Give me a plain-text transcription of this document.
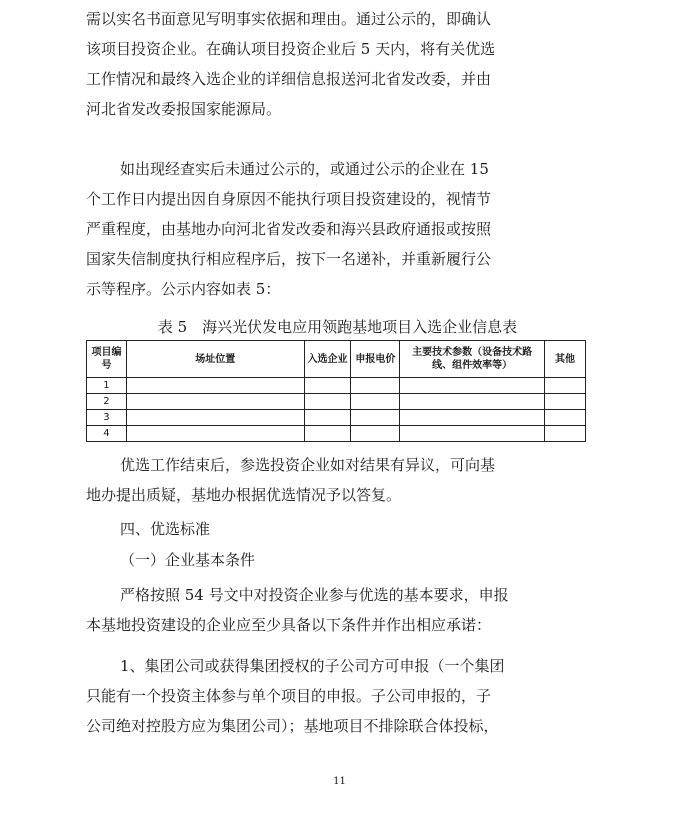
需以实名书面意见写明事实依据和理由。通过公示的，即确认
该项目投资企业。在确认项目投资企业后 5 天内，将有关优选
工作情况和最终入选企业的详细信息报送河北省发改委，并由
河北省发改委报国家能源局。
如出现经查实后未通过公示的，或通过公示的企业在 15
个工作日内提出因自身原因不能执行项目投资建设的，视情节
严重程度，由基地办向河北省发改委和海兴县政府通报或按照
国家失信制度执行相应程序后，按下一名递补，并重新履行公
示等程序。公示内容如表 5：
表 5　海兴光伏发电应用领跑基地项目入选企业信息表
项目编号	场址位置	入选企业	申报电价	主要技术参数（设备技术路线、组件效率等）	其他
1					
2					
3					
4					
优选工作结束后，参选投资企业如对结果有异议，可向基
地办提出质疑，基地办根据优选情况予以答复。
四、优选标准
（一）企业基本条件
严格按照 54 号文中对投资企业参与优选的基本要求，申报
本基地投资建设的企业应至少具备以下条件并作出相应承诺：
1、集团公司或获得集团授权的子公司方可申报（一个集团
只能有一个投资主体参与单个项目的申报。子公司申报的，子
公司绝对控股方应为集团公司）；基地项目不排除联合体投标，
11
